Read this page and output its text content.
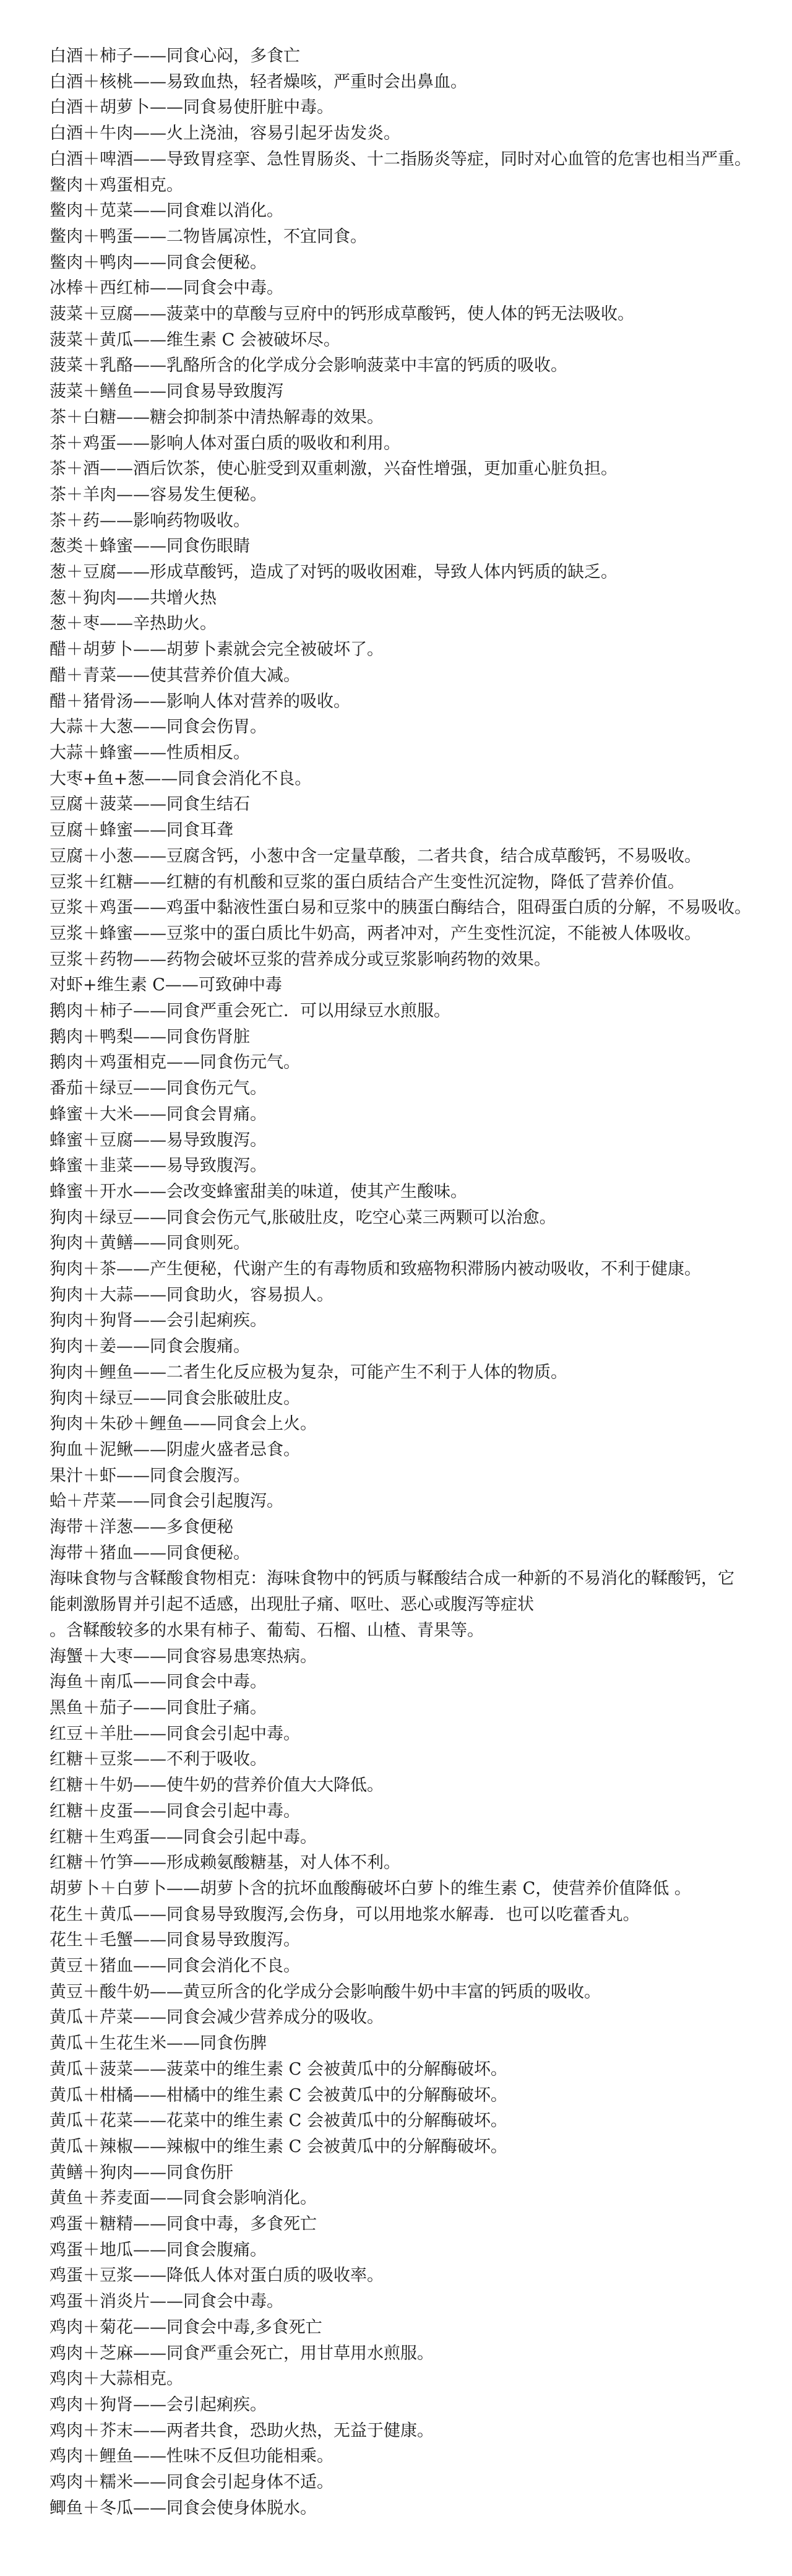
白酒＋柿子——同食心闷，多食亡
白酒＋核桃——易致血热，轻者燥咳，严重时会出鼻血。
白酒＋胡萝卜——同食易使肝脏中毒。
白酒＋牛肉——火上浇油，容易引起牙齿发炎。
白酒＋啤酒——导致胃痉挛、急性胃肠炎、十二指肠炎等症，同时对心血管的危害也相当严重。
鳖肉＋鸡蛋相克。
鳖肉＋苋菜——同食难以消化。
鳖肉＋鸭蛋——二物皆属凉性，不宜同食。
鳖肉＋鸭肉——同食会便秘。
冰棒＋西红柿——同食会中毒。
菠菜＋豆腐——菠菜中的草酸与豆府中的钙形成草酸钙，使人体的钙无法吸收。
菠菜＋黄瓜——维生素 C 会被破坏尽。
菠菜＋乳酪——乳酪所含的化学成分会影响菠菜中丰富的钙质的吸收。
菠菜＋鳝鱼——同食易导致腹泻
茶＋白糖——糖会抑制茶中清热解毒的效果。
茶＋鸡蛋——影响人体对蛋白质的吸收和利用。
茶＋酒——酒后饮茶，使心脏受到双重刺激，兴奋性增强，更加重心脏负担。
茶＋羊肉——容易发生便秘。
茶＋药——影响药物吸收。
葱类＋蜂蜜——同食伤眼睛
葱＋豆腐——形成草酸钙，造成了对钙的吸收困难，导致人体内钙质的缺乏。
葱＋狗肉——共增火热
葱＋枣——辛热助火。
醋＋胡萝卜——胡萝卜素就会完全被破坏了。
醋＋青菜——使其营养价值大减。
醋＋猪骨汤——影响人体对营养的吸收。
大蒜＋大葱——同食会伤胃。
大蒜＋蜂蜜——性质相反。
大枣+鱼+葱——同食会消化不良。
豆腐＋菠菜——同食生结石
豆腐＋蜂蜜——同食耳聋
豆腐＋小葱——豆腐含钙，小葱中含一定量草酸，二者共食，结合成草酸钙，不易吸收。
豆浆＋红糖——红糖的有机酸和豆浆的蛋白质结合产生变性沉淀物，降低了营养价值。
豆浆＋鸡蛋——鸡蛋中黏液性蛋白易和豆浆中的胰蛋白酶结合，阻碍蛋白质的分解，不易吸收。
豆浆＋蜂蜜——豆浆中的蛋白质比牛奶高，两者冲对，产生变性沉淀，不能被人体吸收。
豆浆＋药物——药物会破坏豆浆的营养成分或豆浆影响药物的效果。
对虾+维生素 C——可致砷中毒
鹅肉＋柿子——同食严重会死亡．可以用绿豆水煎服。
鹅肉＋鸭梨——同食伤肾脏
鹅肉＋鸡蛋相克——同食伤元气。
番茄＋绿豆——同食伤元气。
蜂蜜＋大米——同食会胃痛。
蜂蜜＋豆腐——易导致腹泻。
蜂蜜＋韭菜——易导致腹泻。
蜂蜜＋开水——会改变蜂蜜甜美的味道，使其产生酸味。
狗肉＋绿豆——同食会伤元气,胀破肚皮，吃空心菜三两颗可以治愈。
狗肉＋黄鳝——同食则死。
狗肉＋茶——产生便秘，代谢产生的有毒物质和致癌物积滞肠内被动吸收，不利于健康。
狗肉＋大蒜——同食助火，容易损人。
狗肉＋狗肾——会引起痢疾。
狗肉＋姜——同食会腹痛。
狗肉＋鲤鱼——二者生化反应极为复杂，可能产生不利于人体的物质。
狗肉＋绿豆——同食会胀破肚皮。
狗肉＋朱砂＋鲤鱼——同食会上火。
狗血＋泥鳅——阴虚火盛者忌食。
果汁＋虾——同食会腹泻。
蛤＋芹菜——同食会引起腹泻。
海带＋洋葱——多食便秘
海带＋猪血——同食便秘。
海味食物与含鞣酸食物相克：海味食物中的钙质与鞣酸结合成一种新的不易消化的鞣酸钙，它
能刺激肠胃并引起不适感，出现肚子痛、呕吐、恶心或腹泻等症状
。含鞣酸较多的水果有柿子、葡萄、石榴、山楂、青果等。
海蟹＋大枣——同食容易患寒热病。
海鱼＋南瓜——同食会中毒。
黑鱼＋茄子——同食肚子痛。
红豆＋羊肚——同食会引起中毒。
红糖＋豆浆——不利于吸收。
红糖＋牛奶——使牛奶的营养价值大大降低。
红糖＋皮蛋——同食会引起中毒。
红糖＋生鸡蛋——同食会引起中毒。
红糖＋竹笋——形成赖氨酸糖基，对人体不利。
胡萝卜＋白萝卜——胡萝卜含的抗坏血酸酶破坏白萝卜的维生素 C，使营养价值降低 。
花生＋黄瓜——同食易导致腹泻,会伤身，可以用地浆水解毒．也可以吃藿香丸。
花生＋毛蟹——同食易导致腹泻。
黄豆＋猪血——同食会消化不良。
黄豆＋酸牛奶——黄豆所含的化学成分会影响酸牛奶中丰富的钙质的吸收。
黄瓜＋芹菜——同食会减少营养成分的吸收。
黄瓜＋生花生米——同食伤脾
黄瓜＋菠菜——菠菜中的维生素 C 会被黄瓜中的分解酶破坏。
黄瓜＋柑橘——柑橘中的维生素 C 会被黄瓜中的分解酶破坏。
黄瓜＋花菜——花菜中的维生素 C 会被黄瓜中的分解酶破坏。
黄瓜＋辣椒——辣椒中的维生素 C 会被黄瓜中的分解酶破坏。
黄鳝＋狗肉——同食伤肝
黄鱼＋荞麦面——同食会影响消化。
鸡蛋＋糖精——同食中毒，多食死亡
鸡蛋＋地瓜——同食会腹痛。
鸡蛋＋豆浆——降低人体对蛋白质的吸收率。
鸡蛋＋消炎片——同食会中毒。
鸡肉＋菊花——同食会中毒,多食死亡
鸡肉＋芝麻——同食严重会死亡，用甘草用水煎服。
鸡肉＋大蒜相克。
鸡肉＋狗肾——会引起痢疾。
鸡肉＋芥末——两者共食，恐助火热，无益于健康。
鸡肉＋鲤鱼——性味不反但功能相乘。
鸡肉＋糯米——同食会引起身体不适。
鲫鱼＋冬瓜——同食会使身体脱水。
